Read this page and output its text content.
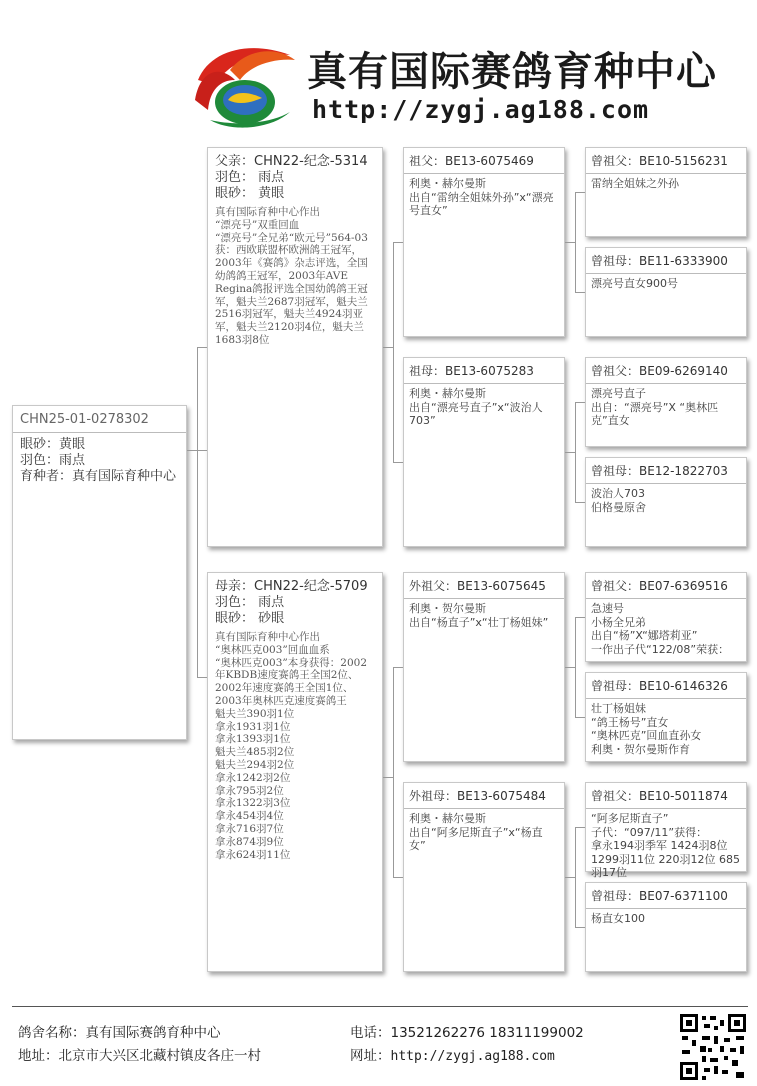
真有国际赛鸽育种中心
http://zygj.ag188.com
CHN25-01-0278302
眼砂：黄眼
羽色：雨点
育种者：真有国际育种中心
父亲：CHN22-纪念-5314
羽色： 雨点
眼砂： 黄眼
真有国际育种中心作出
“漂亮号”双重回血
“漂亮号”全兄弟“欧元号”564-03获：西欧联盟杯欧洲鸽王冠军，2003年《赛鸽》杂志评选，全国幼鸽鸽王冠军，2003年AVE Regina鸽报评选全国幼鸽鸽王冠军，魁夫兰2687羽冠军，魁夫兰2516羽冠军，魁夫兰4924羽亚军，魁夫兰2120羽4位，魁夫兰1683羽8位
母亲：CHN22-纪念-5709
羽色： 雨点
眼砂： 砂眼
真有国际育种中心作出
“奥林匹克003”回血血系
“奥林匹克003”本身获得：2002年KBDB速度赛鸽王全国2位、2002年速度赛鸽王全国1位、2003年奥林匹克速度赛鸽王
魁夫兰390羽1位
拿永1931羽1位
拿永1393羽1位
魁夫兰485羽2位
魁夫兰294羽2位
拿永1242羽2位
拿永795羽2位
拿永1322羽3位
拿永454羽4位
拿永716羽7位
拿永874羽9位
拿永624羽11位
祖父：BE13-6075469
利奥・赫尔曼斯
出自“雷纳全姐妹外孙”x“漂亮号直女”
祖母：BE13-6075283
利奥・赫尔曼斯
出自“漂亮号直子”x“波治人703”
外祖父：BE13-6075645
利奥・贺尔曼斯
出自“杨直子”x“壮丁杨姐妹”
外祖母：BE13-6075484
利奥・赫尔曼斯
出自“阿多尼斯直子”x“杨直女”
曾祖父：BE10-5156231
雷纳全姐妹之外孙
曾祖母：BE11-6333900
漂亮号直女900号
曾祖父：BE09-6269140
漂亮号直子
出自：“漂亮号”X “奥林匹克”直女
曾祖母：BE12-1822703
波治人703
伯格曼原舍
曾祖父：BE07-6369516
急速号
小杨全兄弟
出自“杨”X“娜塔莉亚”
一作出子代“122/08”荣获：
曾祖母：BE10-6146326
壮丁杨姐妹
“鸽王杨号”直女
“奥林匹克”回血直孙女
利奥・贺尔曼斯作育
曾祖父：BE10-5011874
“阿多尼斯直子”
子代：“097/11”获得：
拿永194羽季军 1424羽8位 1299羽11位 220羽12位 685羽17位
曾祖母：BE07-6371100
杨直女100
鸽舍名称：真有国际赛鸽育种中心
地址：北京市大兴区北藏村镇皮各庄一村
电话：13521262276 18311199002
网址：http://zygj.ag188.com
